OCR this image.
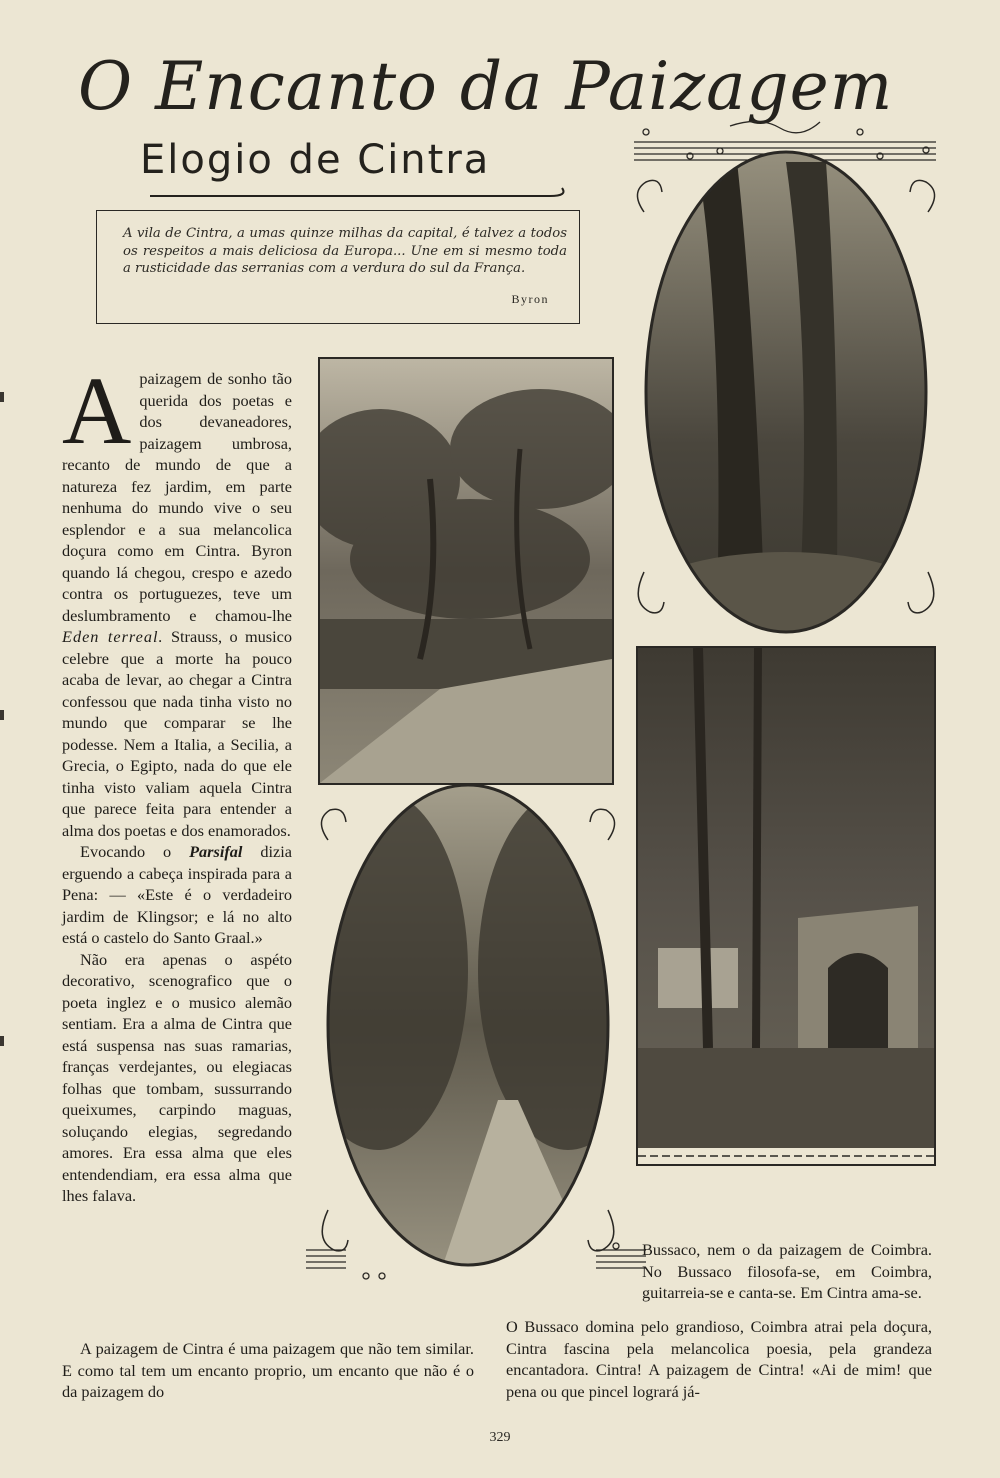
O Encanto da Paizagem
Elogio de Cintra

A vila de Cintra, a umas quinze milhas da capital, é talvez a todos os respeitos a mais deliciosa da Europa... Une em si mesmo toda a rusticidade das serranias com a verdura do sul da França.

Byron

Apaizagem de sonho tão querida dos poetas e dos devaneadores, paizagem umbrosa, recanto de mundo de que a natureza fez jardim, em parte nenhuma do mundo vive o seu esplendor e a sua melancolica doçura como em Cintra. Byron quando lá chegou, crespo e azedo contra os portuguezes, teve um deslumbramento e chamou-lhe Eden terreal. Strauss, o musico celebre que a morte ha pouco acaba de levar, ao chegar a Cintra confessou que nada tinha visto no mundo que comparar se lhe podesse. Nem a Italia, a Secilia, a Grecia, o Egipto, nada do que ele tinha visto valiam aquela Cintra que parece feita para entender a alma dos poetas e dos enamorados.

Evocando o Parsifal dizia erguendo a cabeça inspirada para a Pena: — «Este é o verdadeiro jardim de Klingsor; e lá no alto está o castelo do Santo Graal.»

Não era apenas o aspéto decorativo, scenografico que o poeta inglez e o musico alemão sentiam. Era a alma de Cintra que está suspensa nas suas ramarias, franças verdejantes, ou elegiacas folhas que tombam, sussurrando queixumes, carpindo maguas, soluçando elegias, segredando amores. Era essa alma que eles entendendiam, era essa alma que lhes falava.

A paizagem de Cintra é uma paizagem que não tem similar. E como tal tem um encanto proprio, um encanto que não é o da paizagem do

Bussaco, nem o da paizagem de Coimbra. No Bussaco filosofa-se, em Coimbra, guitarreia-se e canta-se. Em Cintra ama-se.

O Bussaco domina pelo grandioso, Coimbra atrai pela doçura, Cintra fascina pela melancolica poesia, pela grandeza encantadora. Cintra! A paizagem de Cintra! «Ai de mim! que pena ou que pincel logrará já-

329
